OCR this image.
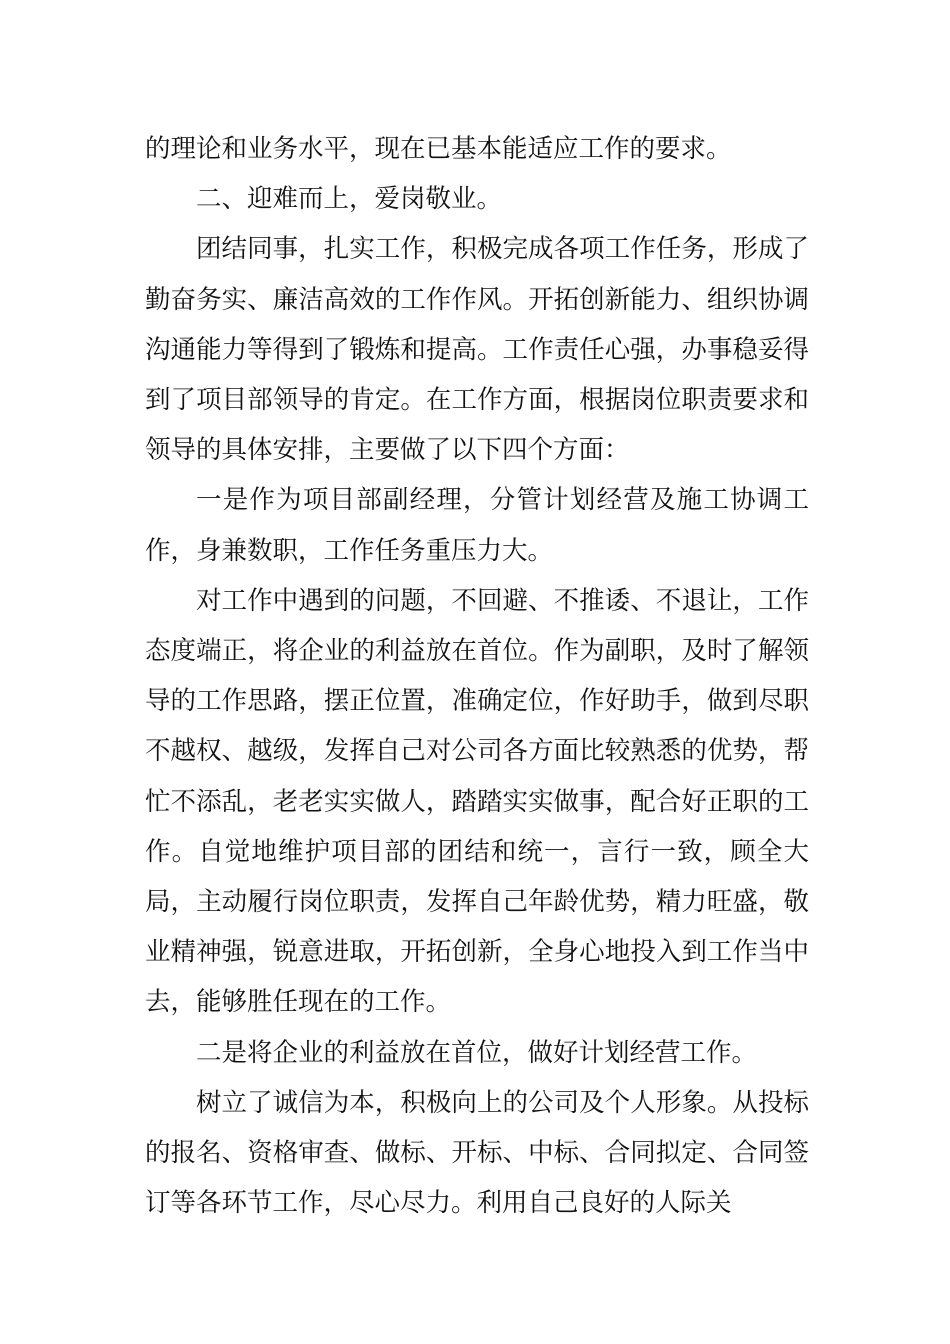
的理论和业务水平，现在已基本能适应工作的要求。

二、迎难而上，爱岗敬业。

团结同事，扎实工作，积极完成各项工作任务，形成了勤奋务实、廉洁高效的工作作风。开拓创新能力、组织协调沟通能力等得到了锻炼和提高。工作责任心强，办事稳妥得到了项目部领导的肯定。在工作方面，根据岗位职责要求和领导的具体安排，主要做了以下四个方面：

一是作为项目部副经理，分管计划经营及施工协调工作，身兼数职，工作任务重压力大。

对工作中遇到的问题，不回避、不推诿、不退让，工作态度端正，将企业的利益放在首位。作为副职，及时了解领导的工作思路，摆正位置，准确定位，作好助手，做到尽职不越权、越级，发挥自己对公司各方面比较熟悉的优势，帮忙不添乱，老老实实做人，踏踏实实做事，配合好正职的工作。自觉地维护项目部的团结和统一，言行一致，顾全大局，主动履行岗位职责，发挥自己年龄优势，精力旺盛，敬业精神强，锐意进取，开拓创新，全身心地投入到工作当中去，能够胜任现在的工作。

二是将企业的利益放在首位，做好计划经营工作。

树立了诚信为本，积极向上的公司及个人形象。从投标的报名、资格审查、做标、开标、中标、合同拟定、合同签订等各环节工作，尽心尽力。利用自己良好的人际关
